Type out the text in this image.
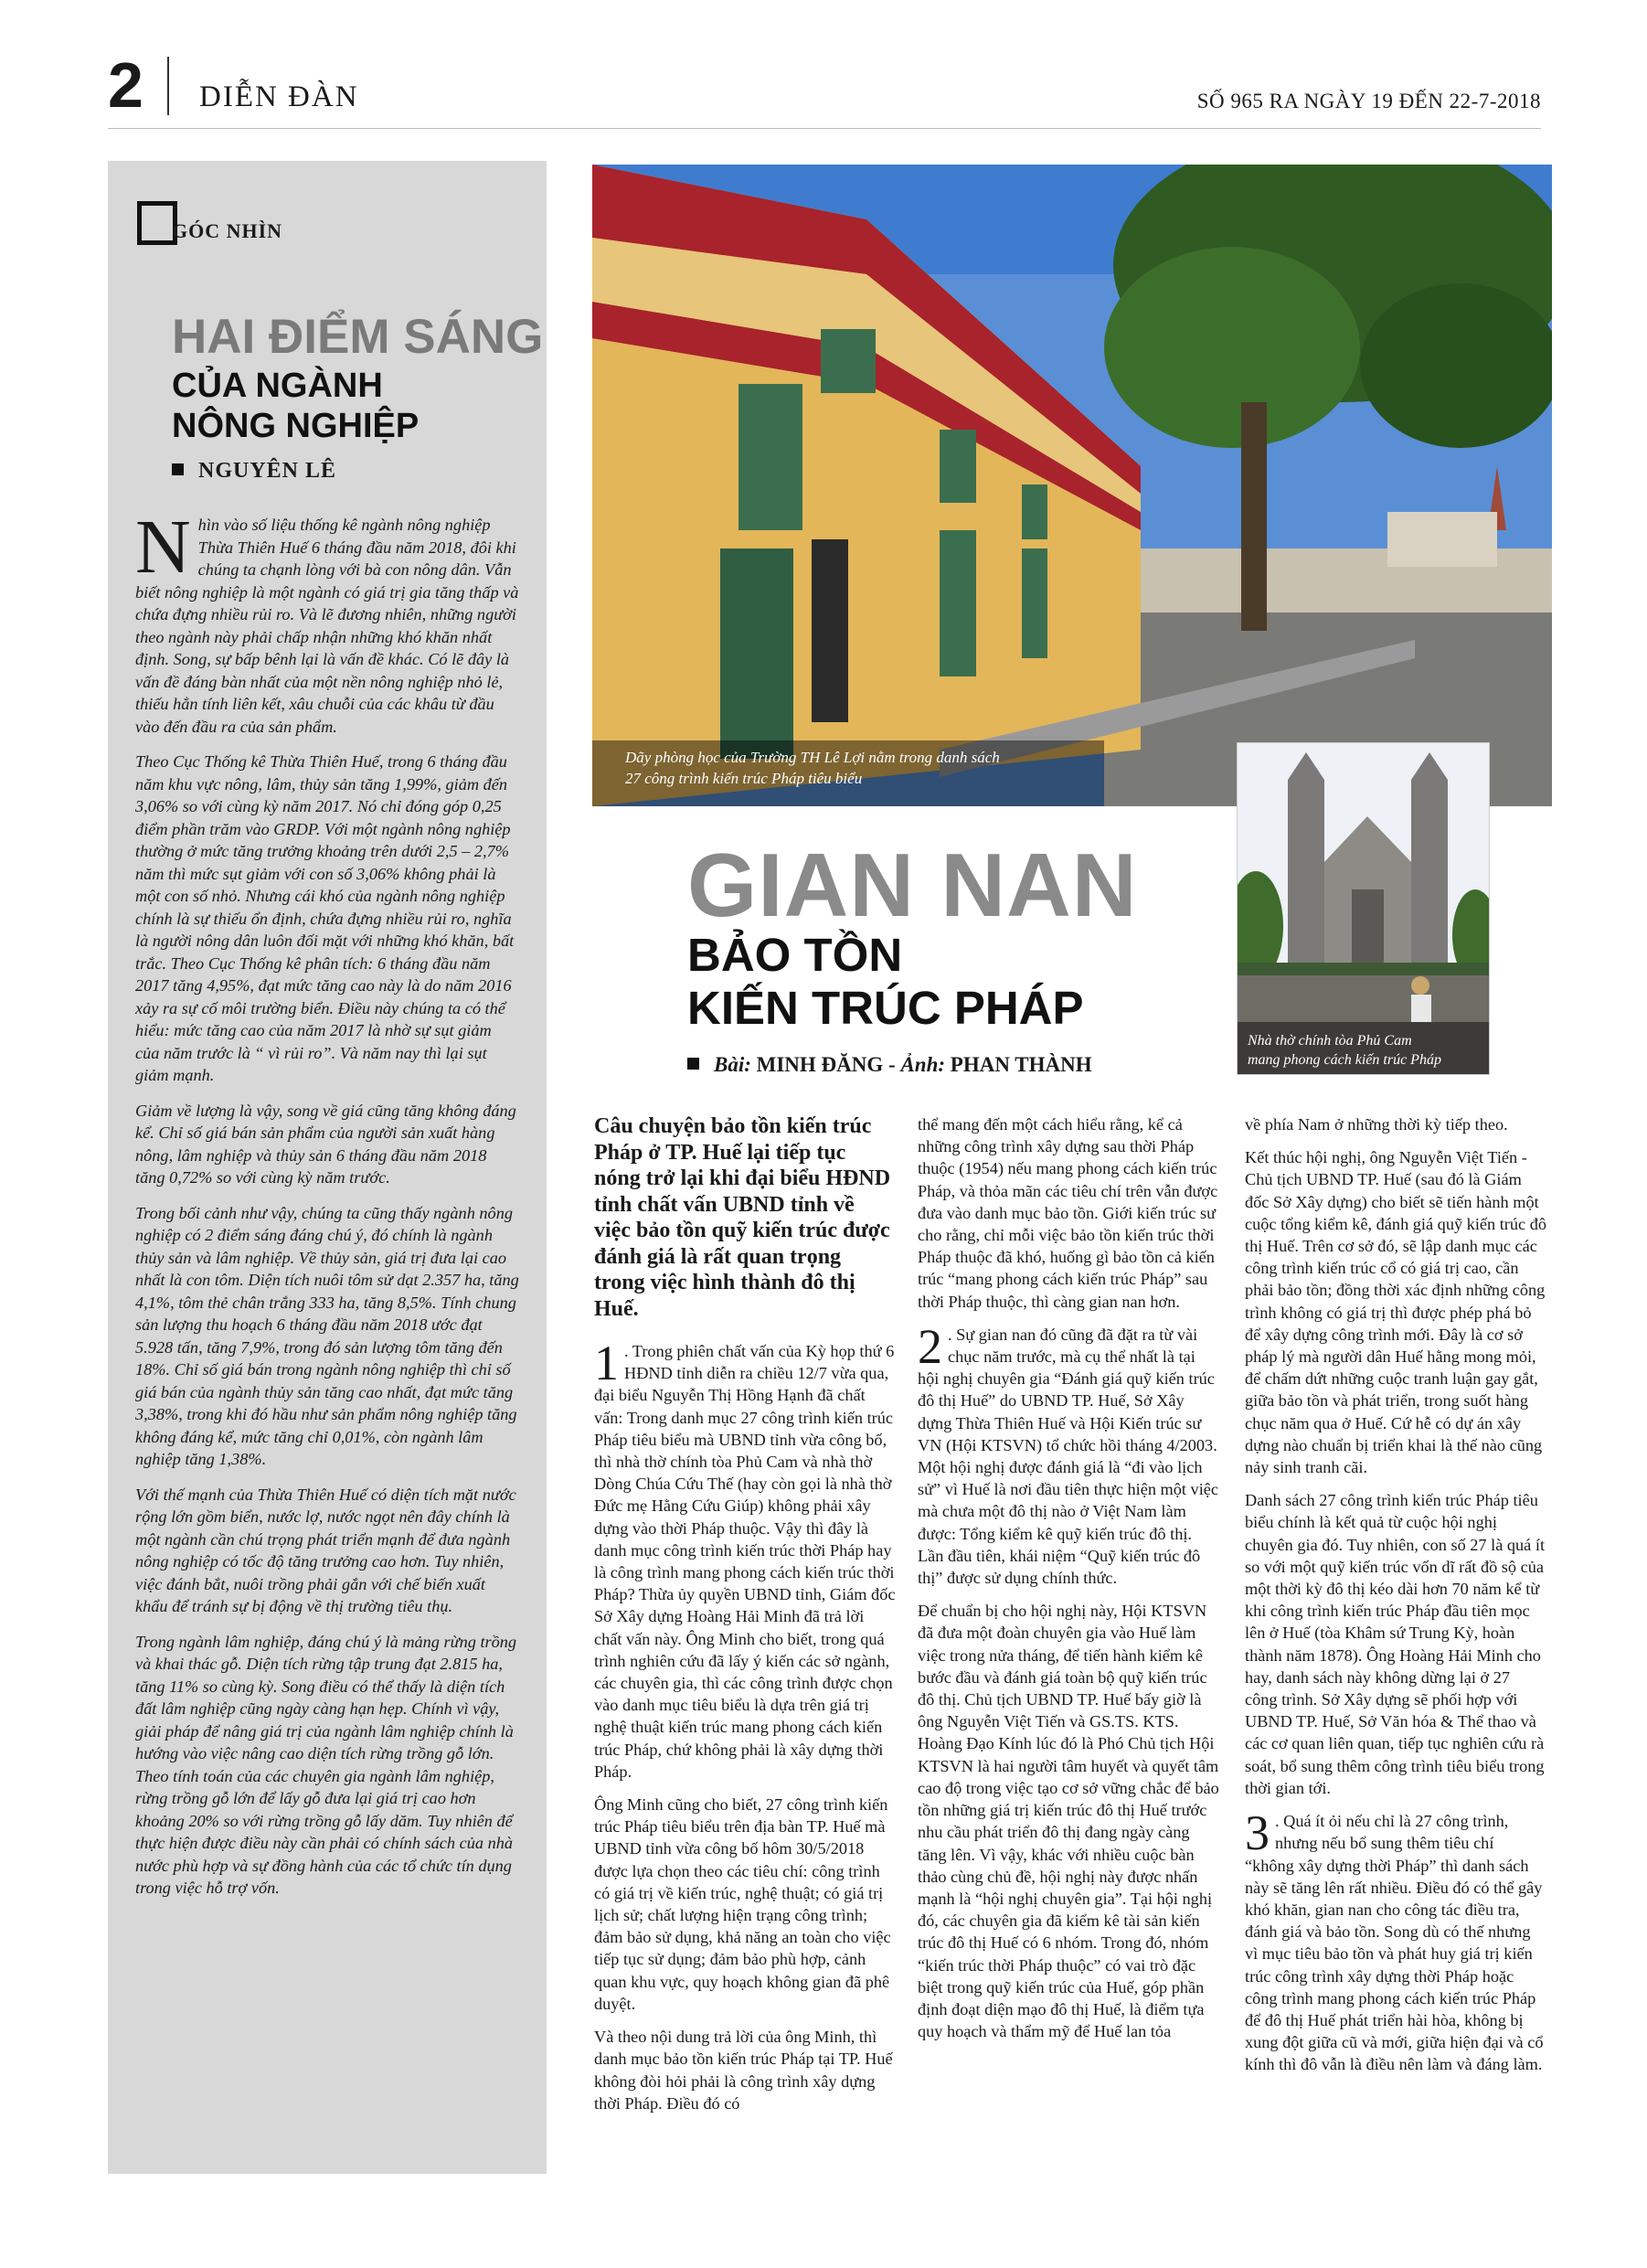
2 DIỄN ĐÀN	SỐ 965 RA NGÀY 19 ĐẾN 22-7-2018
GÓC NHÌN
HAI ĐIỂM SÁNG
CỦA NGÀNH
NÔNG NGHIỆP
NGUYÊN LÊ

Nhìn vào số liệu thống kê ngành nông nghiệp Thừa Thiên Huế 6 tháng đầu năm 2018, đôi khi chúng ta chạnh lòng với bà con nông dân. Vẫn biết nông nghiệp là một ngành có giá trị gia tăng thấp và chứa đựng nhiều rủi ro. Và lẽ đương nhiên, những người theo ngành này phải chấp nhận những khó khăn nhất định. Song, sự bấp bênh lại là vấn đề khác. Có lẽ đây là vấn đề đáng bàn nhất của một nền nông nghiệp nhỏ lẻ, thiếu hẳn tính liên kết, xâu chuỗi của các khâu từ đầu vào đến đầu ra của sản phẩm.

Theo Cục Thống kê Thừa Thiên Huế, trong 6 tháng đầu năm khu vực nông, lâm, thủy sản tăng 1,99%, giảm đến 3,06% so với cùng kỳ năm 2017. Nó chỉ đóng góp 0,25 điểm phần trăm vào GRDP. Với một ngành nông nghiệp thường ở mức tăng trưởng khoảng trên dưới 2,5 – 2,7% năm thì mức sụt giảm với con số 3,06% không phải là một con số nhỏ. Nhưng cái khó của ngành nông nghiệp chính là sự thiếu ổn định, chứa đựng nhiều rủi ro, nghĩa là người nông dân luôn đối mặt với những khó khăn, bất trắc. Theo Cục Thống kê phân tích: 6 tháng đầu năm 2017 tăng 4,95%, đạt mức tăng cao này là do năm 2016 xảy ra sự cố môi trường biển. Điều này chúng ta có thể hiểu: mức tăng cao của năm 2017 là nhờ sự sụt giảm của năm trước là “ vì rủi ro”. Và năm nay thì lại sụt giảm mạnh.

Giảm về lượng là vậy, song về giá cũng tăng không đáng kể. Chỉ số giá bán sản phẩm của người sản xuất hàng nông, lâm nghiệp và thủy sản 6 tháng đầu năm 2018 tăng 0,72% so với cùng kỳ năm trước.

Trong bối cảnh như vậy, chúng ta cũng thấy ngành nông nghiệp có 2 điểm sáng đáng chú ý, đó chính là ngành thủy sản và lâm nghiệp. Về thủy sản, giá trị đưa lại cao nhất là con tôm. Diện tích nuôi tôm sử dạt 2.357 ha, tăng 4,1%, tôm thẻ chân trắng 333 ha, tăng 8,5%. Tính chung sản lượng thu hoạch 6 tháng đầu năm 2018 ước đạt 5.928 tấn, tăng 7,9%, trong đó sản lượng tôm tăng đến 18%. Chỉ số giá bán trong ngành nông nghiệp thì chỉ số giá bán của ngành thủy sản tăng cao nhất, đạt mức tăng 3,38%, trong khi đó hầu như sản phẩm nông nghiệp tăng không đáng kể, mức tăng chỉ 0,01%, còn ngành lâm nghiệp tăng 1,38%.

Với thế mạnh của Thừa Thiên Huế có diện tích mặt nước rộng lớn gồm biển, nước lợ, nước ngọt nên đây chính là một ngành cần chú trọng phát triển mạnh để đưa ngành nông nghiệp có tốc độ tăng trưởng cao hơn. Tuy nhiên, việc đánh bắt, nuôi trồng phải gắn với chế biến xuất khẩu để tránh sự bị động về thị trường tiêu thụ.

Trong ngành lâm nghiệp, đáng chú ý là mảng rừng trồng và khai thác gỗ. Diện tích rừng tập trung đạt 2.815 ha, tăng 11% so cùng kỳ. Song điều có thể thấy là diện tích đất lâm nghiệp cũng ngày càng hạn hẹp. Chính vì vậy, giải pháp để nâng giá trị của ngành lâm nghiệp chính là hướng vào việc nâng cao diện tích rừng trồng gỗ lớn. Theo tính toán của các chuyên gia ngành lâm nghiệp, rừng trồng gỗ lớn để lấy gỗ đưa lại giá trị cao hơn khoảng 20% so với rừng trồng gỗ lấy dăm. Tuy nhiên để thực hiện được điều này cần phải có chính sách của nhà nước phù hợp và sự đồng hành của các tổ chức tín dụng trong việc hỗ trợ vốn.

Dãy phòng học của Trường TH Lê Lợi nằm trong danh sách
27 công trình kiến trúc Pháp tiêu biểu
Nhà thờ chính tòa Phủ Cam
mang phong cách kiến trúc Pháp
GIAN NAN
BẢO TỒN
KIẾN TRÚC PHÁP
Bài: MINH ĐĂNG - Ảnh: PHAN THÀNH

Câu chuyện bảo tồn kiến trúc Pháp ở TP. Huế lại tiếp tục nóng trở lại khi đại biểu HĐND tỉnh chất vấn UBND tỉnh về việc bảo tồn quỹ kiến trúc được đánh giá là rất quan trọng trong việc hình thành đô thị Huế.

1 . Trong phiên chất vấn của Kỳ họp thứ 6 HĐND tỉnh diễn ra chiều 12/7 vừa qua, đại biểu Nguyễn Thị Hồng Hạnh đã chất vấn: Trong danh mục 27 công trình kiến trúc Pháp tiêu biểu mà UBND tỉnh vừa công bố, thì nhà thờ chính tòa Phủ Cam và nhà thờ Dòng Chúa Cứu Thế (hay còn gọi là nhà thờ Đức mẹ Hằng Cứu Giúp) không phải xây dựng vào thời Pháp thuộc. Vậy thì đây là danh mục công trình kiến trúc thời Pháp hay là công trình mang phong cách kiến trúc thời Pháp? Thừa ủy quyền UBND tỉnh, Giám đốc Sở Xây dựng Hoàng Hải Minh đã trả lời chất vấn này. Ông Minh cho biết, trong quá trình nghiên cứu đã lấy ý kiến các sở ngành, các chuyên gia, thì các công trình được chọn vào danh mục tiêu biểu là dựa trên giá trị nghệ thuật kiến trúc mang phong cách kiến trúc Pháp, chứ không phải là xây dựng thời Pháp.

Ông Minh cũng cho biết, 27 công trình kiến trúc Pháp tiêu biểu trên địa bàn TP. Huế mà UBND tỉnh vừa công bố hôm 30/5/2018 được lựa chọn theo các tiêu chí: công trình có giá trị về kiến trúc, nghệ thuật; có giá trị lịch sử; chất lượng hiện trạng công trình; đảm bảo sử dụng, khả năng an toàn cho việc tiếp tục sử dụng; đảm bảo phù hợp, cảnh quan khu vực, quy hoạch không gian đã phê duyệt.

Và theo nội dung trả lời của ông Minh, thì danh mục bảo tồn kiến trúc Pháp tại TP. Huế không đòi hỏi phải là công trình xây dựng thời Pháp. Điều đó có

thể mang đến một cách hiểu rằng, kể cả những công trình xây dựng sau thời Pháp thuộc (1954) nếu mang phong cách kiến trúc Pháp, và thỏa mãn các tiêu chí trên vẫn được đưa vào danh mục bảo tồn. Giới kiến trúc sư cho rằng, chỉ mỗi việc bảo tồn kiến trúc thời Pháp thuộc đã khó, huống gì bảo tồn cả kiến trúc “mang phong cách kiến trúc Pháp” sau thời Pháp thuộc, thì càng gian nan hơn.

2 . Sự gian nan đó cũng đã đặt ra từ vài chục năm trước, mà cụ thể nhất là tại hội nghị chuyên gia “Đánh giá quỹ kiến trúc đô thị Huế” do UBND TP. Huế, Sở Xây dựng Thừa Thiên Huế và Hội Kiến trúc sư VN (Hội KTSVN) tổ chức hồi tháng 4/2003. Một hội nghị được đánh giá là “đi vào lịch sử” vì Huế là nơi đầu tiên thực hiện một việc mà chưa một đô thị nào ở Việt Nam làm được: Tổng kiểm kê quỹ kiến trúc đô thị. Lần đầu tiên, khái niệm “Quỹ kiến trúc đô thị” được sử dụng chính thức.

Để chuẩn bị cho hội nghị này, Hội KTSVN đã đưa một đoàn chuyên gia vào Huế làm việc trong nửa tháng, để tiến hành kiểm kê bước đầu và đánh giá toàn bộ quỹ kiến trúc đô thị. Chủ tịch UBND TP. Huế bấy giờ là ông Nguyễn Việt Tiến và GS.TS. KTS. Hoàng Đạo Kính lúc đó là Phó Chủ tịch Hội KTSVN là hai người tâm huyết và quyết tâm cao độ trong việc tạo cơ sở vững chắc để bảo tồn những giá trị kiến trúc đô thị Huế trước nhu cầu phát triển đô thị đang ngày càng tăng lên. Vì vậy, khác với nhiều cuộc bàn thảo cùng chủ đề, hội nghị này được nhấn mạnh là “hội nghị chuyên gia”. Tại hội nghị đó, các chuyên gia đã kiểm kê tài sản kiến trúc đô thị Huế có 6 nhóm. Trong đó, nhóm “kiến trúc thời Pháp thuộc” có vai trò đặc biệt trong quỹ kiến trúc của Huế, góp phần định đoạt diện mạo đô thị Huế, là điểm tựa quy hoạch và thẩm mỹ để Huế lan tỏa

về phía Nam ở những thời kỳ tiếp theo.

Kết thúc hội nghị, ông Nguyễn Việt Tiến - Chủ tịch UBND TP. Huế (sau đó là Giám đốc Sở Xây dựng) cho biết sẽ tiến hành một cuộc tổng kiểm kê, đánh giá quỹ kiến trúc đô thị Huế. Trên cơ sở đó, sẽ lập danh mục các công trình kiến trúc cổ có giá trị cao, cần phải bảo tồn; đồng thời xác định những công trình không có giá trị thì được phép phá bỏ để xây dựng công trình mới. Đây là cơ sở pháp lý mà người dân Huế hằng mong mỏi, để chấm dứt những cuộc tranh luận gay gắt, giữa bảo tồn và phát triển, trong suốt hàng chục năm qua ở Huế. Cứ hễ có dự án xây dựng nào chuẩn bị triển khai là thế nào cũng nảy sinh tranh cãi.

Danh sách 27 công trình kiến trúc Pháp tiêu biểu chính là kết quả từ cuộc hội nghị chuyên gia đó. Tuy nhiên, con số 27 là quá ít so với một quỹ kiến trúc vốn dĩ rất đồ sộ của một thời kỳ đô thị kéo dài hơn 70 năm kể từ khi công trình kiến trúc Pháp đầu tiên mọc lên ở Huế (tòa Khâm sứ Trung Kỳ, hoàn thành năm 1878). Ông Hoàng Hải Minh cho hay, danh sách này không dừng lại ở 27 công trình. Sở Xây dựng sẽ phối hợp với UBND TP. Huế, Sở Văn hóa & Thể thao và các cơ quan liên quan, tiếp tục nghiên cứu rà soát, bổ sung thêm công trình tiêu biểu trong thời gian tới.

3 . Quá ít ỏi nếu chỉ là 27 công trình, nhưng nếu bổ sung thêm tiêu chí “không xây dựng thời Pháp” thì danh sách này sẽ tăng lên rất nhiều. Điều đó có thể gây khó khăn, gian nan cho công tác điều tra, đánh giá và bảo tồn. Song dù có thế nhưng vì mục tiêu bảo tồn và phát huy giá trị kiến trúc công trình xây dựng thời Pháp hoặc công trình mang phong cách kiến trúc Pháp để đô thị Huế phát triển hài hòa, không bị xung đột giữa cũ và mới, giữa hiện đại và cổ kính thì đô vẫn là điều nên làm và đáng làm.
